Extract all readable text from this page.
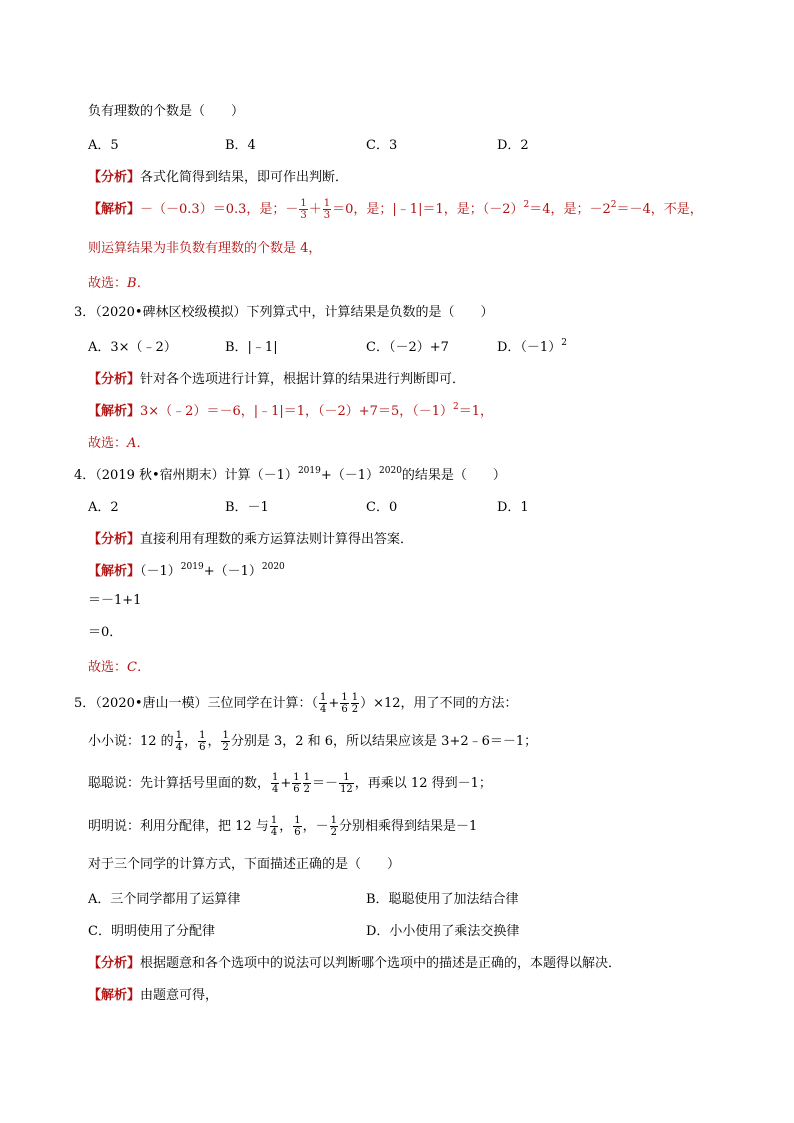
负有理数的个数是（　　）
A．5	B．4	C．3	D．2
【分析】各式化简得到结果，即可作出判断．
【解析】－（－0.3）＝0.3，是；－ $\frac{1}{3} + \frac{1}{3} =0$，是；|﹣1|＝1，是；$(-2)^2=4$，是；$-2^2=-4$，不是，
则运算结果为非负数有理数的个数是 4，
故选：B．
3．（2020•碑林区校级模拟）下列算式中，计算结果是负数的是（　　）
A．3×（﹣2）	B．|﹣1|	C．（－2）+7	D．$(-1)^2$
【分析】针对各个选项进行计算，根据计算的结果进行判断即可．
【解析】3×（﹣2）＝－6，|﹣1|＝1，（－2）+7＝5，$(-1)^2=1$，
故选：A．
4．（2019 秋•宿州期末）计算$(-1)^{2019}+(-1)^{2020}$的结果是（　　）
A．2	B．－1	C．0	D．1
【分析】直接利用有理数的乘方运算法则计算得出答案．
【解析】$(-1)^{2019}+(-1)^{2020}$
＝－1+1
＝0．
故选：C．
5．（2020•唐山一模）三位同学在计算：（ $\frac{1}{4} + \frac{1}{6} \frac{1}{2} )\times 12$，用了不同的方法：
小小说：12 的 $\frac{1}{4}$ ， $\frac{1}{6}$ ， $\frac{1}{2}$ 分别是 3，2 和 6，所以结果应该是 3+2﹣6＝－1；
聪聪说：先计算括号里面的数， $\frac{1}{4} + \frac{1}{6} \frac{1}{2} =- \frac{1}{12}$ ，再乘以 12 得到－1；
明明说：利用分配律，把 12 与 $\frac{1}{4}$ ， $\frac{1}{6}$ ，－ $\frac{1}{2}$ 分别相乘得到结果是－1
对于三个同学的计算方式，下面描述正确的是（　　）
A．三个同学都用了运算律	B．聪聪使用了加法结合律
C．明明使用了分配律	D．小小使用了乘法交换律
【分析】根据题意和各个选项中的说法可以判断哪个选项中的描述是正确的，本题得以解决．
【解析】由题意可得，
